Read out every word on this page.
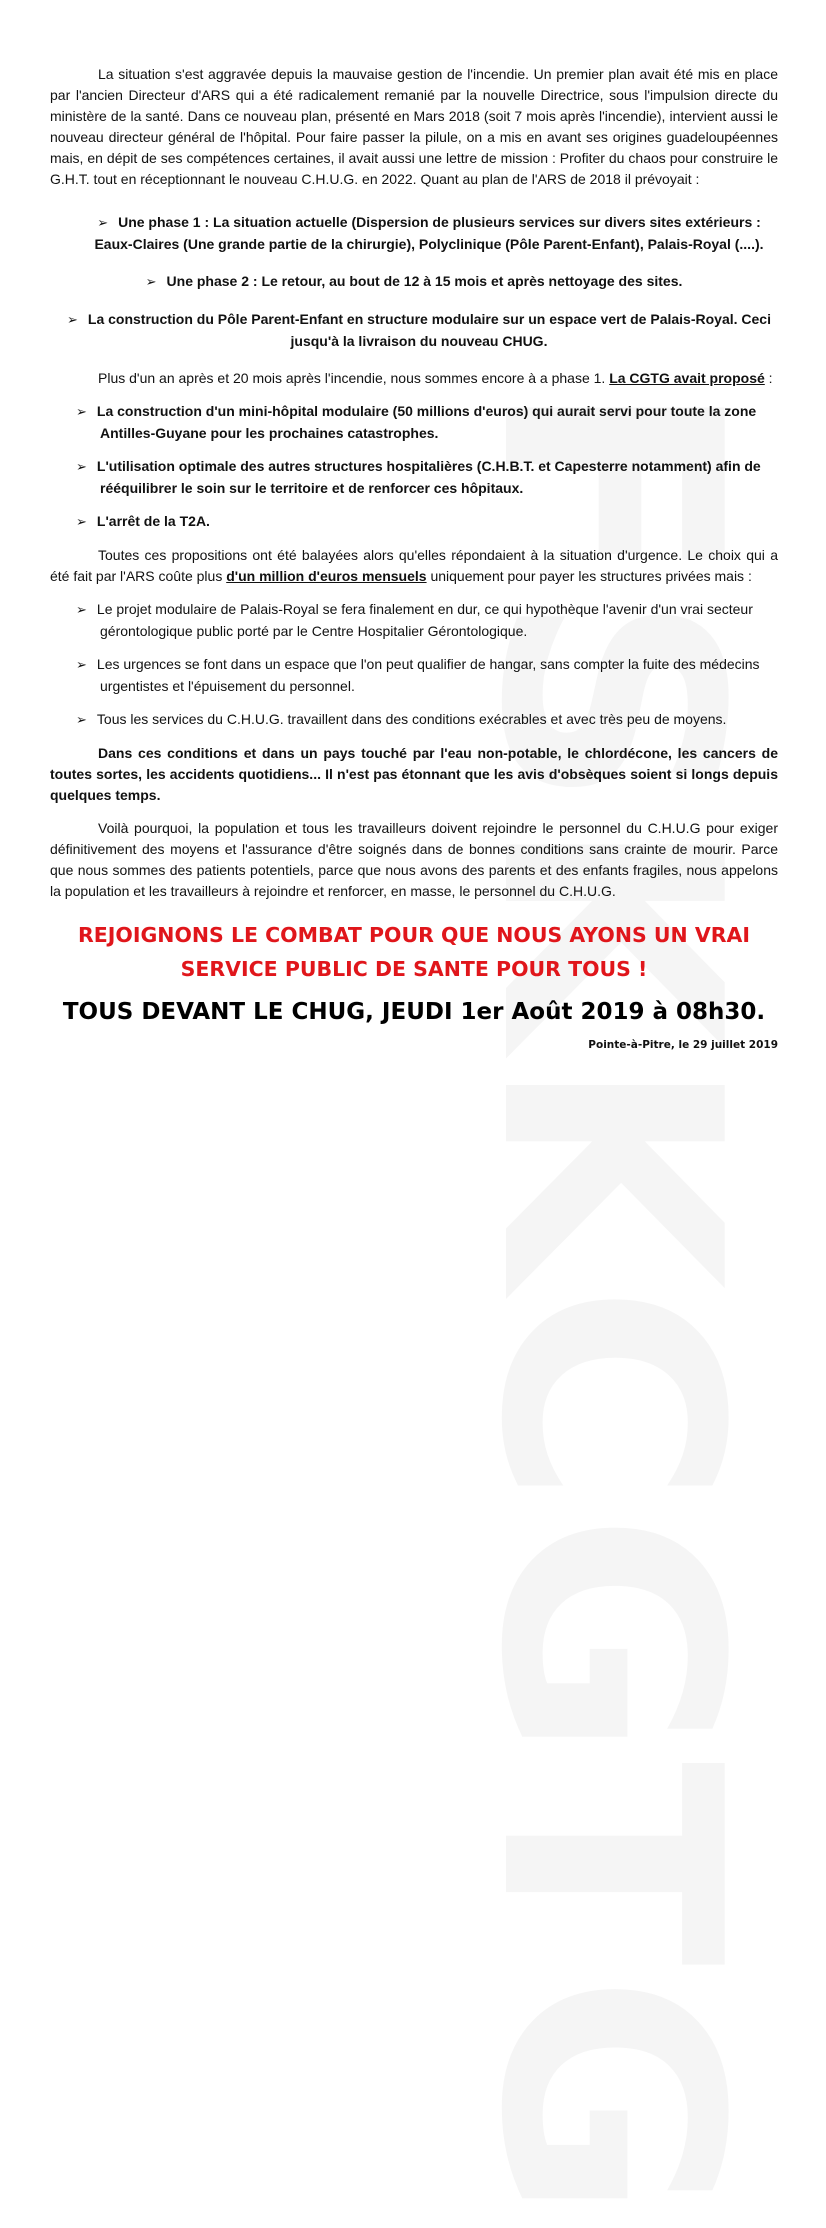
La situation s'est aggravée depuis la mauvaise gestion de l'incendie. Un premier plan avait été mis en place par l'ancien Directeur d'ARS qui a été radicalement remanié par la nouvelle Directrice, sous l'impulsion directe du ministère de la santé. Dans ce nouveau plan, présenté en Mars 2018 (soit 7 mois après l'incendie), intervient aussi le nouveau directeur général de l'hôpital. Pour faire passer la pilule, on a mis en avant ses origines guadeloupéennes mais, en dépit de ses compétences certaines, il avait aussi une lettre de mission : Profiter du chaos pour construire le G.H.T. tout en réceptionnant le nouveau C.H.U.G. en 2022. Quant au plan de l'ARS de 2018 il prévoyait :

➢ Une phase 1 : La situation actuelle (Dispersion de plusieurs services sur divers sites extérieurs : Eaux-Claires (Une grande partie de la chirurgie), Polyclinique (Pôle Parent-Enfant), Palais-Royal (....).
➢ Une phase 2 : Le retour, au bout de 12 à 15 mois et après nettoyage des sites.
➢ La construction du Pôle Parent-Enfant en structure modulaire sur un espace vert de Palais-Royal. Ceci jusqu'à la livraison du nouveau CHUG.

Plus d'un an après et 20 mois après l'incendie, nous sommes encore à a phase 1. La CGTG avait proposé :

➢ La construction d'un mini-hôpital modulaire (50 millions d'euros) qui aurait servi pour toute la zone
Antilles-Guyane pour les prochaines catastrophes.
➢ L'utilisation optimale des autres structures hospitalières (C.H.B.T. et Capesterre notamment) afin de
rééquilibrer le soin sur le territoire et de renforcer ces hôpitaux.
➢ L'arrêt de la T2A.

Toutes ces propositions ont été balayées alors qu'elles répondaient à la situation d'urgence. Le choix qui a été fait par l'ARS coûte plus d'un million d'euros mensuels uniquement pour payer les structures privées mais :

➢ Le projet modulaire de Palais-Royal se fera finalement en dur, ce qui hypothèque l'avenir d'un vrai secteur
gérontologique public porté par le Centre Hospitalier Gérontologique.
➢ Les urgences se font dans un espace que l'on peut qualifier de hangar, sans compter la fuite des médecins
urgentistes et l'épuisement du personnel.
➢ Tous les services du C.H.U.G. travaillent dans des conditions exécrables et avec très peu de moyens.

Dans ces conditions et dans un pays touché par l'eau non-potable, le chlordécone, les cancers de toutes sortes, les accidents quotidiens... Il n'est pas étonnant que les avis d'obsèques soient si longs depuis quelques temps.

Voilà pourquoi, la population et tous les travailleurs doivent rejoindre le personnel du C.H.U.G pour exiger définitivement des moyens et l'assurance d'être soignés dans de bonnes conditions sans crainte de mourir. Parce que nous sommes des patients potentiels, parce que nous avons des parents et des enfants fragiles, nous appelons la population et les travailleurs à rejoindre et renforcer, en masse, le personnel du C.H.U.G.

REJOIGNONS LE COMBAT POUR QUE NOUS AYONS UN VRAI
SERVICE PUBLIC DE SANTE POUR TOUS !
TOUS DEVANT LE CHUG, JEUDI 1er Août 2019 à 08h30.
Pointe-à-Pitre, le 29 juillet 2019
